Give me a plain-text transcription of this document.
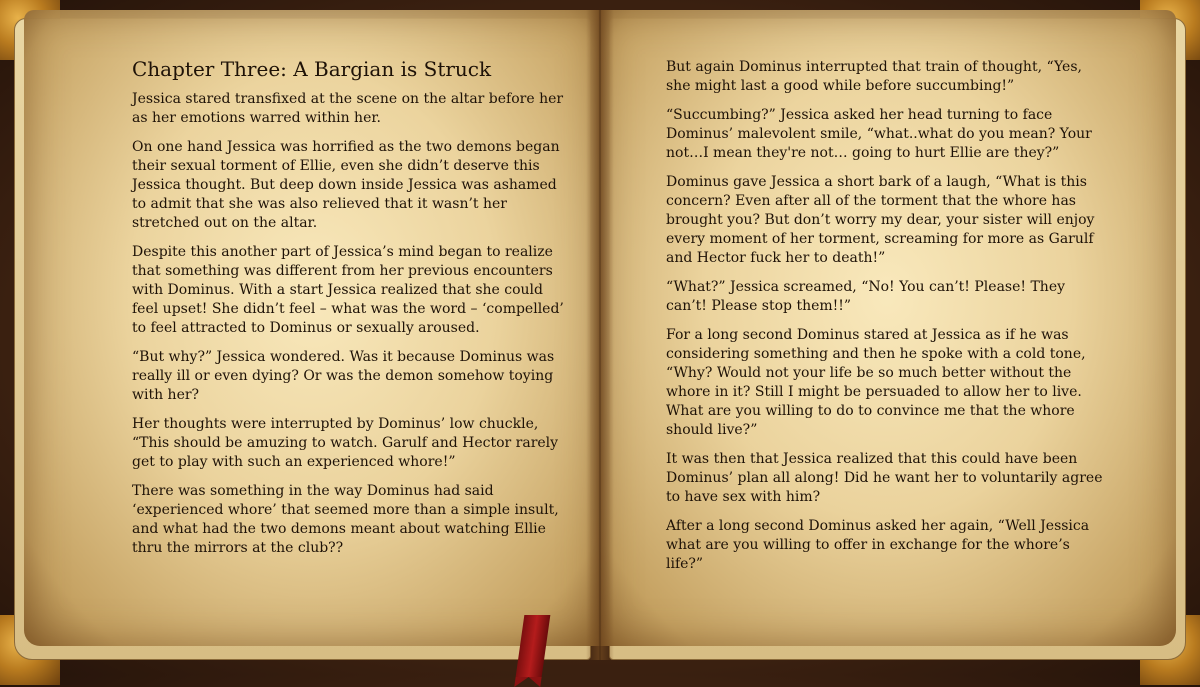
Chapter Three: A Bargian is Struck

Jessica stared transfixed at the scene on the altar before her as her emotions warred within her.

On one hand Jessica was horrified as the two demons began their sexual torment of Ellie, even she didn’t deserve this Jessica thought. But deep down inside Jessica was ashamed to admit that she was also relieved that it wasn’t her stretched out on the altar.

Despite this another part of Jessica’s mind began to realize that something was different from her previous encounters with Dominus. With a start Jessica realized that she could feel upset! She didn’t feel – what was the word – ‘compelled’ to feel attracted to Dominus or sexually aroused.

“But why?” Jessica wondered. Was it because Dominus was really ill or even dying? Or was the demon somehow toying with her?

Her thoughts were interrupted by Dominus’ low chuckle, “This should be amuzing to watch. Garulf and Hector rarely get to play with such an experienced whore!”

There was something in the way Dominus had said ‘experienced whore’ that seemed more than a simple insult, and what had the two demons meant about watching Ellie thru the mirrors at the club??

But again Dominus interrupted that train of thought, “Yes, she might last a good while before succumbing!”

“Succumbing?” Jessica asked her head turning to face Dominus’ malevolent smile, “what..what do you mean? Your not…I mean they're not… going to hurt Ellie are they?”

Dominus gave Jessica a short bark of a laugh, “What is this concern? Even after all of the torment that the whore has brought you? But don’t worry my dear, your sister will enjoy every moment of her torment, screaming for more as Garulf and Hector fuck her to death!”

“What?” Jessica screamed, “No! You can’t! Please! They can’t! Please stop them!!”

For a long second Dominus stared at Jessica as if he was considering something and then he spoke with a cold tone, “Why? Would not your life be so much better without the whore in it? Still I might be persuaded to allow her to live. What are you willing to do to convince me that the whore should live?”

It was then that Jessica realized that this could have been Dominus’ plan all along! Did he want her to voluntarily agree to have sex with him?

After a long second Dominus asked her again, “Well Jessica what are you willing to offer in exchange for the whore’s life?”
